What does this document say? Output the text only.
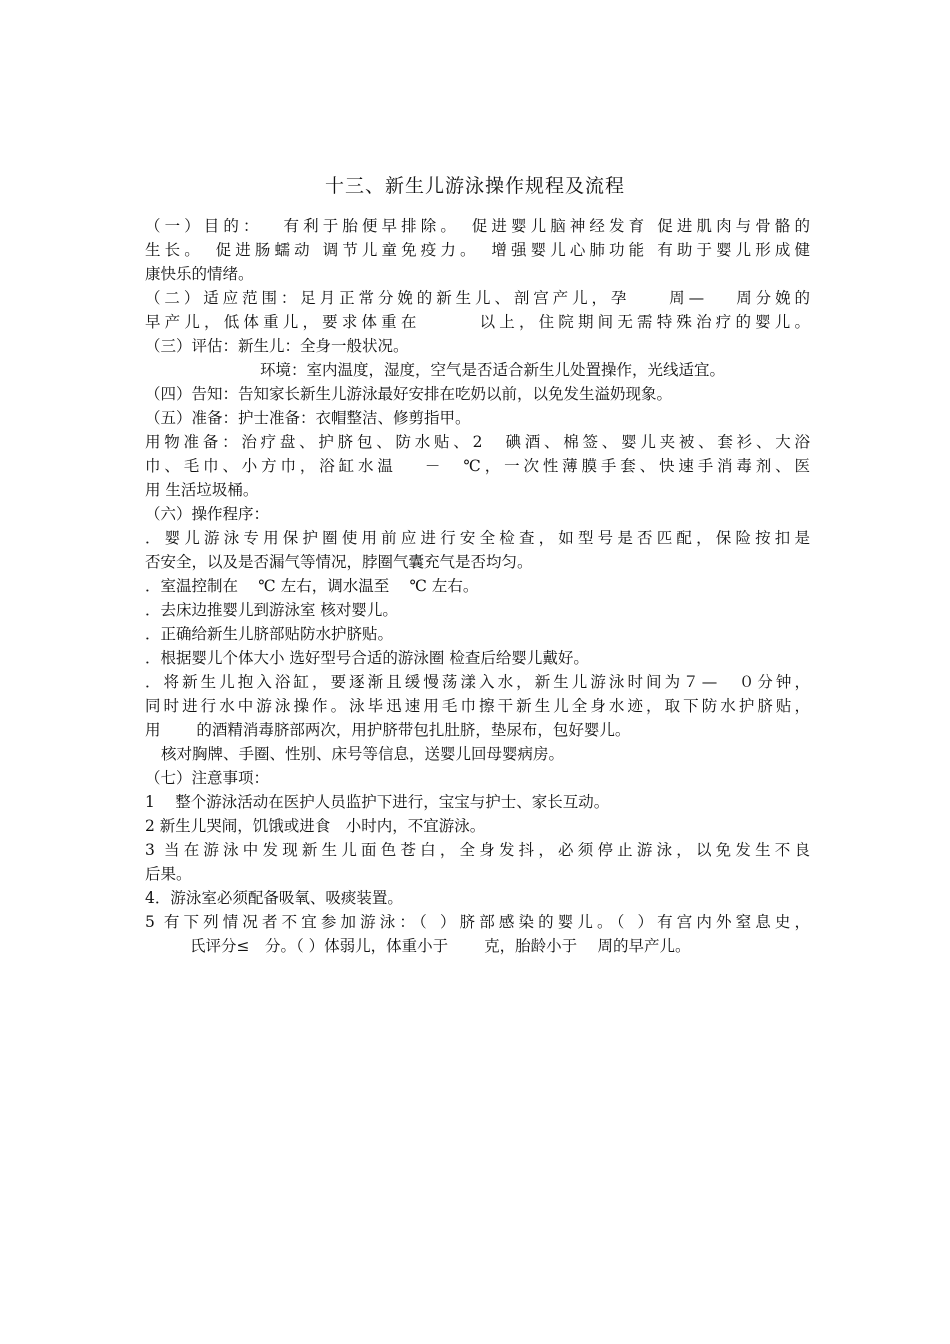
十三、新生儿游泳操作规程及流程
（一）目的：　 有利于胎便早排除。　促进婴儿脑神经发育 促进肌肉与骨骼的
生长。　促进肠蠕动 调节儿童免疫力。　增强婴儿心肺功能 有助于婴儿形成健
康快乐的情绪。
（二）适应范围：足月正常分娩的新生儿、剖宫产儿，孕　　周—　 周分娩的
早产儿，低体重儿，要求体重在　　　以上，住院期间无需特殊治疗的婴儿。
（三）评估：新生儿：全身一般状况。
环境：室内温度，湿度，空气是否适合新生儿处置操作，光线适宜。
（四）告知：告知家长新生儿游泳最好安排在吃奶以前，以免发生溢奶现象。
（五）准备：护士准备：衣帽整洁、修剪指甲。
用物准备：治疗盘、护脐包、防水贴、2　碘酒、棉签、婴儿夹被、套衫、大浴
巾、毛巾、小方巾，浴缸水温　 －　℃，一次性薄膜手套、快速手消毒剂、医
用 生活垃圾桶。
（六）操作程序：
．婴儿游泳专用保护圈使用前应进行安全检查，如型号是否匹配，保险按扣是
否安全，以及是否漏气等情况，脖圈气囊充气是否均匀。
．室温控制在　 ℃ 左右，调水温至　 ℃ 左右。
．去床边推婴儿到游泳室 核对婴儿。
．正确给新生儿脐部贴防水护脐贴。
．根据婴儿个体大小 选好型号合适的游泳圈 检查后给婴儿戴好。
．将新生儿抱入浴缸，要逐渐且缓慢荡漾入水，新生儿游泳时间为７—　０分钟，
同时进行水中游泳操作。泳毕迅速用毛巾擦干新生儿全身水迹，取下防水护脐贴，
用　　 的酒精消毒脐部两次，用护脐带包扎肚脐，垫尿布，包好婴儿。
核对胸牌、手圈、性别、床号等信息，送婴儿回母婴病房。
（七）注意事项：
1　 整个游泳活动在医护人员监护下进行，宝宝与护士、家长互动。
2 新生儿哭闹，饥饿或进食　小时内，不宜游泳。
3 当在游泳中发现新生儿面色苍白，全身发抖，必须停止游泳，以免发生不良
后果。
4．游泳室必须配备吸氧、吸痰装置。
5 有下列情况者不宜参加游泳：（ ）脐部感染的婴儿。（ ）有宫内外窒息史，
氏评分≤　分。（ ）体弱儿，体重小于　　 克，胎龄小于　 周的早产儿。
